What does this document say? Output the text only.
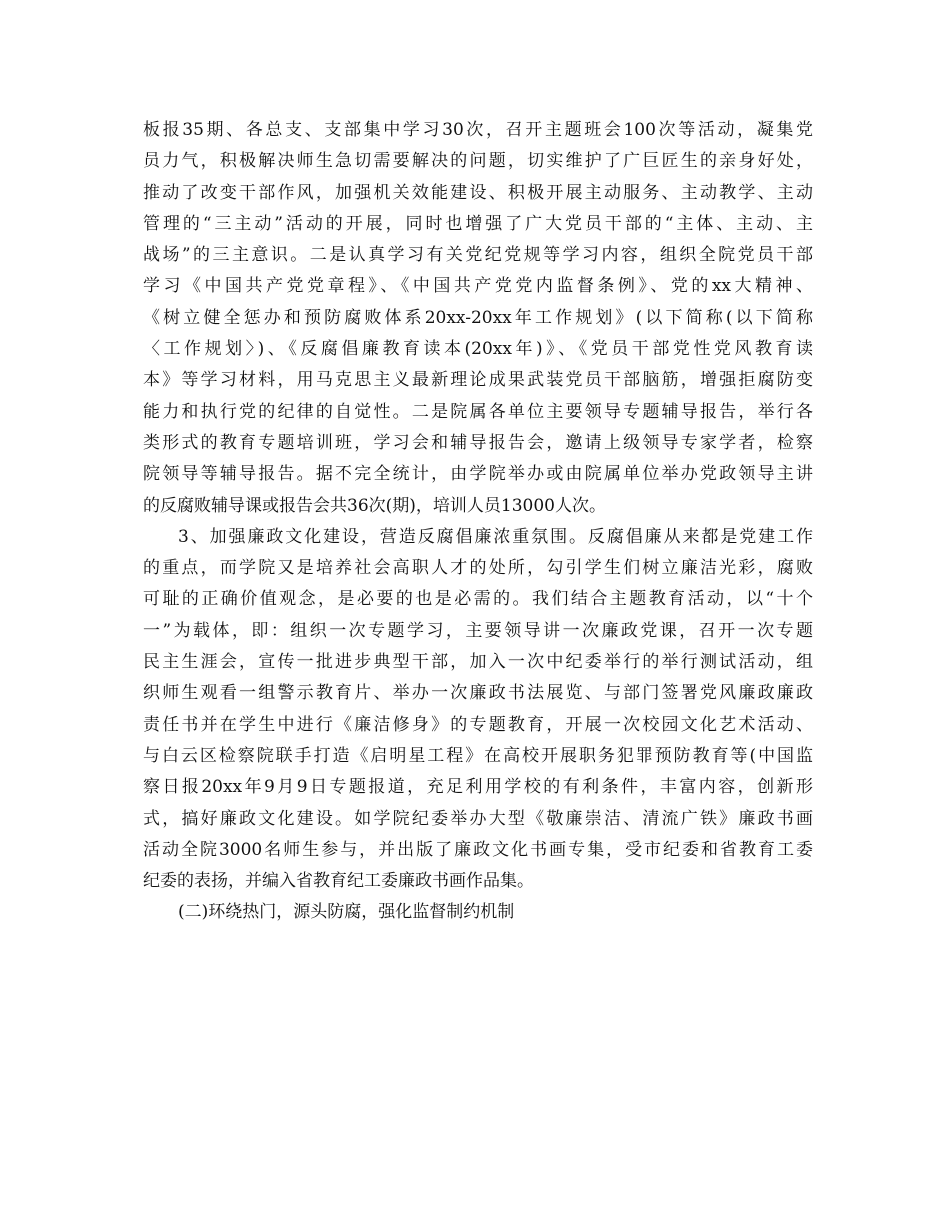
板报35期、各总支、支部集中学习30次，召开主题班会100次等活动，凝集党
员力气，积极解决师生急切需要解决的问题，切实维护了广巨匠生的亲身好处，
推动了改变干部作风，加强机关效能建设、积极开展主动服务、主动教学、主动
管理的“三主动”活动的开展，同时也增强了广大党员干部的“主体、主动、主
战场”的三主意识。二是认真学习有关党纪党规等学习内容，组织全院党员干部
学习《中国共产党党章程》、《中国共产党党内监督条例》、党的xx大精神、
《树立健全惩办和预防腐败体系20xx-20xx年工作规划》(以下简称(以下简称
〈工作规划〉)、《反腐倡廉教育读本(20xx年)》、《党员干部党性党风教育读
本》等学习材料，用马克思主义最新理论成果武装党员干部脑筋，增强拒腐防变
能力和执行党的纪律的自觉性。二是院属各单位主要领导专题辅导报告，举行各
类形式的教育专题培训班，学习会和辅导报告会，邀请上级领导专家学者，检察
院领导等辅导报告。据不完全统计，由学院举办或由院属单位举办党政领导主讲
的反腐败辅导课或报告会共36次(期)，培训人员13000人次。
3、加强廉政文化建设，营造反腐倡廉浓重氛围。反腐倡廉从来都是党建工作
的重点，而学院又是培养社会高职人才的处所，勾引学生们树立廉洁光彩，腐败
可耻的正确价值观念，是必要的也是必需的。我们结合主题教育活动，以“十个
一”为载体，即：组织一次专题学习，主要领导讲一次廉政党课，召开一次专题
民主生涯会，宣传一批进步典型干部，加入一次中纪委举行的举行测试活动，组
织师生观看一组警示教育片、举办一次廉政书法展览、与部门签署党风廉政廉政
责任书并在学生中进行《廉洁修身》的专题教育，开展一次校园文化艺术活动、
与白云区检察院联手打造《启明星工程》在高校开展职务犯罪预防教育等(中国监
察日报20xx年9月9日专题报道，充足利用学校的有利条件，丰富内容，创新形
式，搞好廉政文化建设。如学院纪委举办大型《敬廉崇洁、清流广铁》廉政书画
活动全院3000名师生参与，并出版了廉政文化书画专集，受市纪委和省教育工委
纪委的表扬，并编入省教育纪工委廉政书画作品集。
(二)环绕热门，源头防腐，强化监督制约机制
